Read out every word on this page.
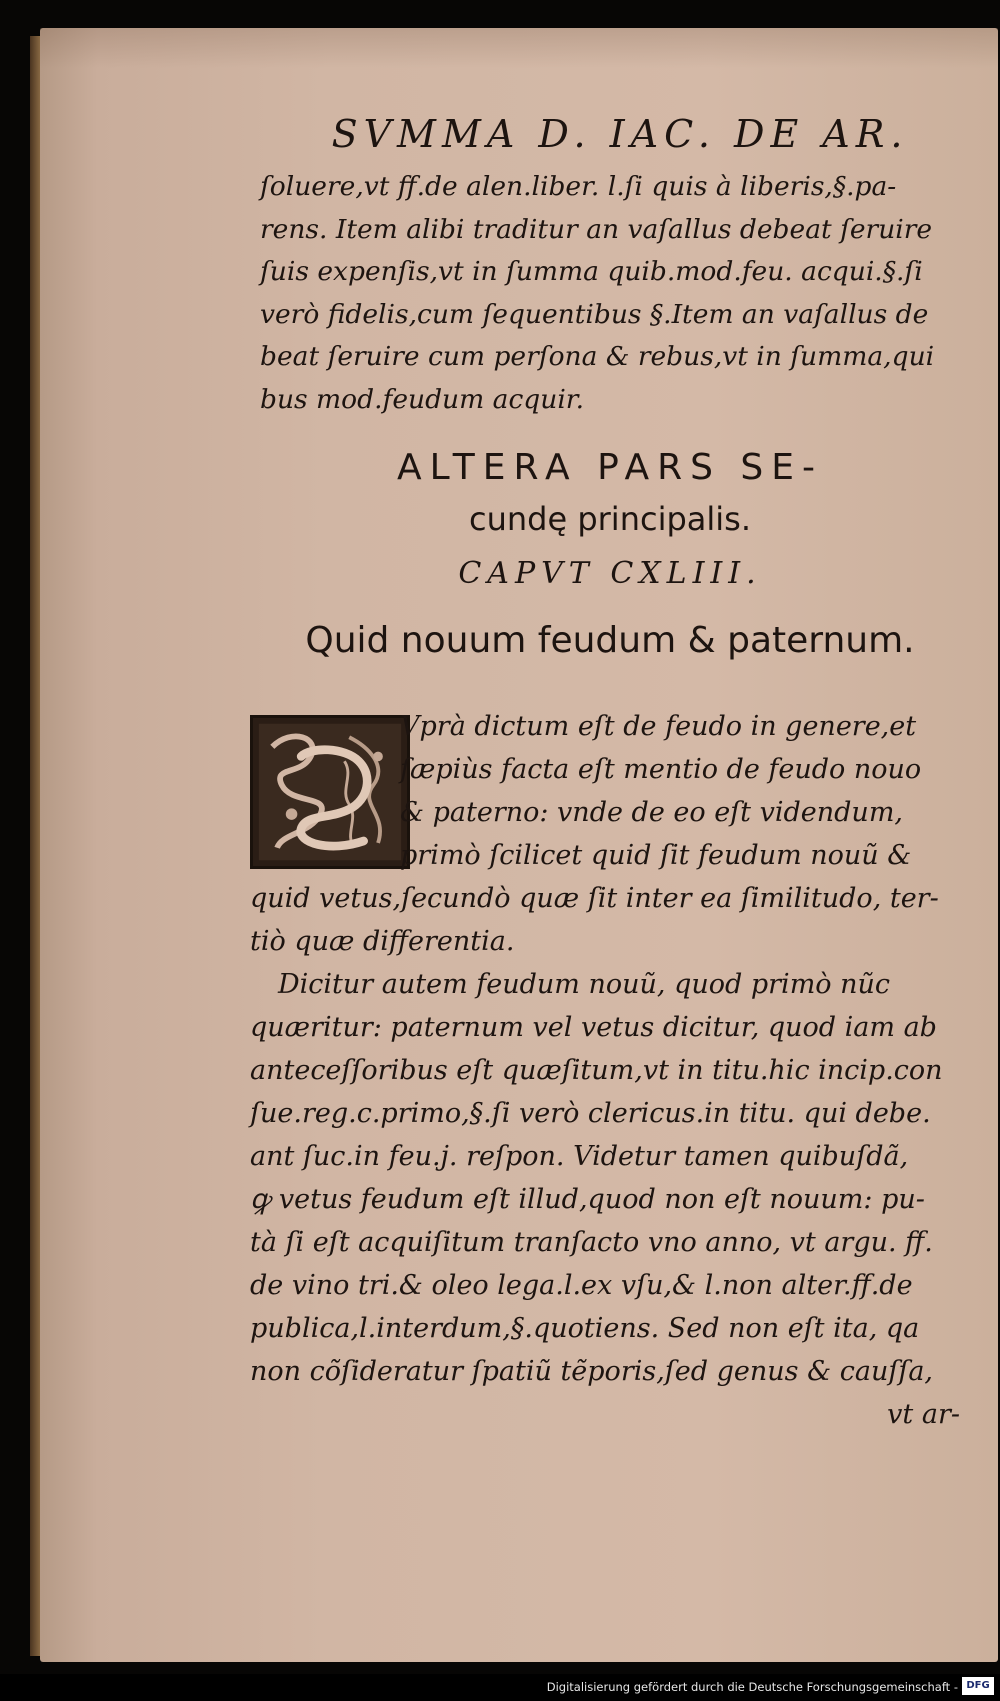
SVMMA D. IAC. DE AR.
ſoluere,vt ff.de alen.liber. l.ſi quis à liberis,§.pa-
rens. Item alibi traditur an vaſallus debeat ſeruire
ſuis expenſis,vt in ſumma quib.mod.feu. acqui.§.ſi
verò fidelis,cum ſequentibus §.Item an vaſallus de
beat ſeruire cum perſona & rebus,vt in ſumma,qui
bus mod.feudum acquir.
ALTERA PARS SE-
cundę principalis.
CAPVT CXLIII.
Quid nouum feudum & paternum.
Vprà dictum eſt de feudo in genere,et
ſæpiùs facta eſt mentio de feudo nouo
& paterno: vnde de eo eſt videndum,
primò ſcilicet quid ſit feudum nouũ &
quid vetus,ſecundò quæ ſit inter ea ſimilitudo, ter-
tiò quæ differentia.
Dicitur autem feudum nouũ, quod primò nũc
quæritur: paternum vel vetus dicitur, quod iam ab
anteceſſoribus eſt quæſitum,vt in titu.hic incip.con
ſue.reg.c.primo,§.ſi verò clericus.in titu. qui debe.
ant ſuc.in feu.j. reſpon. Videtur tamen quibuſdã,
ꝙ vetus feudum eſt illud,quod non eſt nouum: pu-
tà ſi eſt acquiſitum tranſacto vno anno, vt argu. ff.
de vino tri.& oleo lega.l.ex vſu,& l.non alter.ff.de
publica,l.interdum,§.quotiens. Sed non eſt ita, qa
non cõſideratur ſpatiũ tẽporis,ſed genus & cauſſa,
vt ar-
Digitalisierung gefördert durch die Deutsche Forschungsgemeinschaft - DFG
